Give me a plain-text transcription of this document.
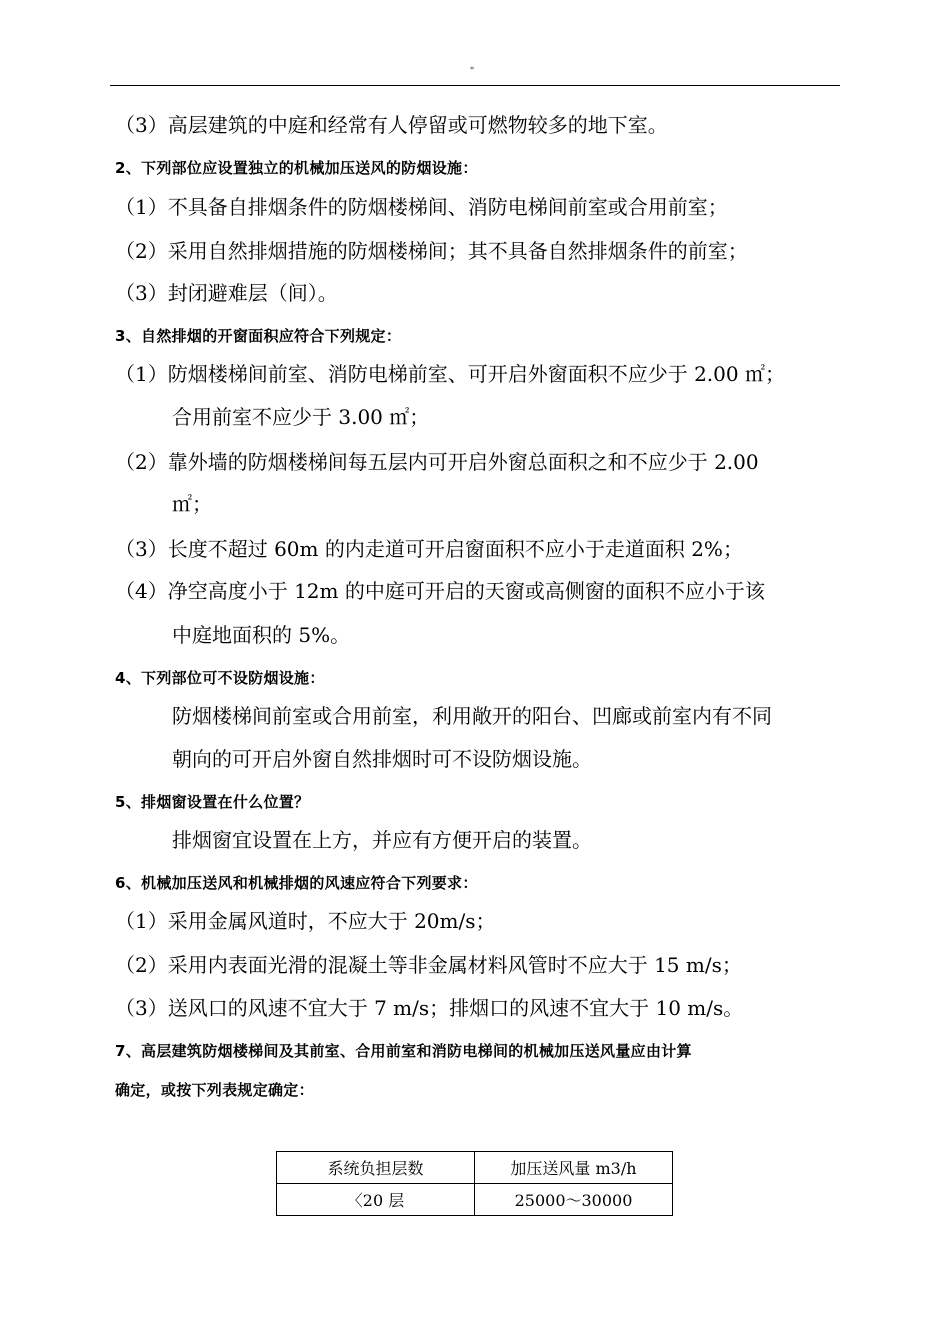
"
（3）高层建筑的中庭和经常有人停留或可燃物较多的地下室。
2、下列部位应设置独立的机械加压送风的防烟设施：
（1）不具备自排烟条件的防烟楼梯间、消防电梯间前室或合用前室；
（2）采用自然排烟措施的防烟楼梯间；其不具备自然排烟条件的前室；
（3）封闭避难层（间）。
3、自然排烟的开窗面积应符合下列规定：
（1）防烟楼梯间前室、消防电梯前室、可开启外窗面积不应少于 2.00 ㎡；
合用前室不应少于 3.00 ㎡；
（2）靠外墙的防烟楼梯间每五层内可开启外窗总面积之和不应少于 2.00
㎡；
（3）长度不超过 60m 的内走道可开启窗面积不应小于走道面积 2%；
（4）净空高度小于 12m 的中庭可开启的天窗或高侧窗的面积不应小于该
中庭地面积的 5%。
4、下列部位可不设防烟设施：
防烟楼梯间前室或合用前室，利用敞开的阳台、凹廊或前室内有不同
朝向的可开启外窗自然排烟时可不设防烟设施。
5、排烟窗设置在什么位置？
排烟窗宜设置在上方，并应有方便开启的装置。
6、机械加压送风和机械排烟的风速应符合下列要求：
（1）采用金属风道时，不应大于 20m/s；
（2）采用内表面光滑的混凝土等非金属材料风管时不应大于 15 m/s；
（3）送风口的风速不宜大于 7 m/s；排烟口的风速不宜大于 10 m/s。
7、高层建筑防烟楼梯间及其前室、合用前室和消防电梯间的机械加压送风量应由计算
确定，或按下列表规定确定：
系统负担层数	加压送风量 m3/h
〈20 层	25000～30000
